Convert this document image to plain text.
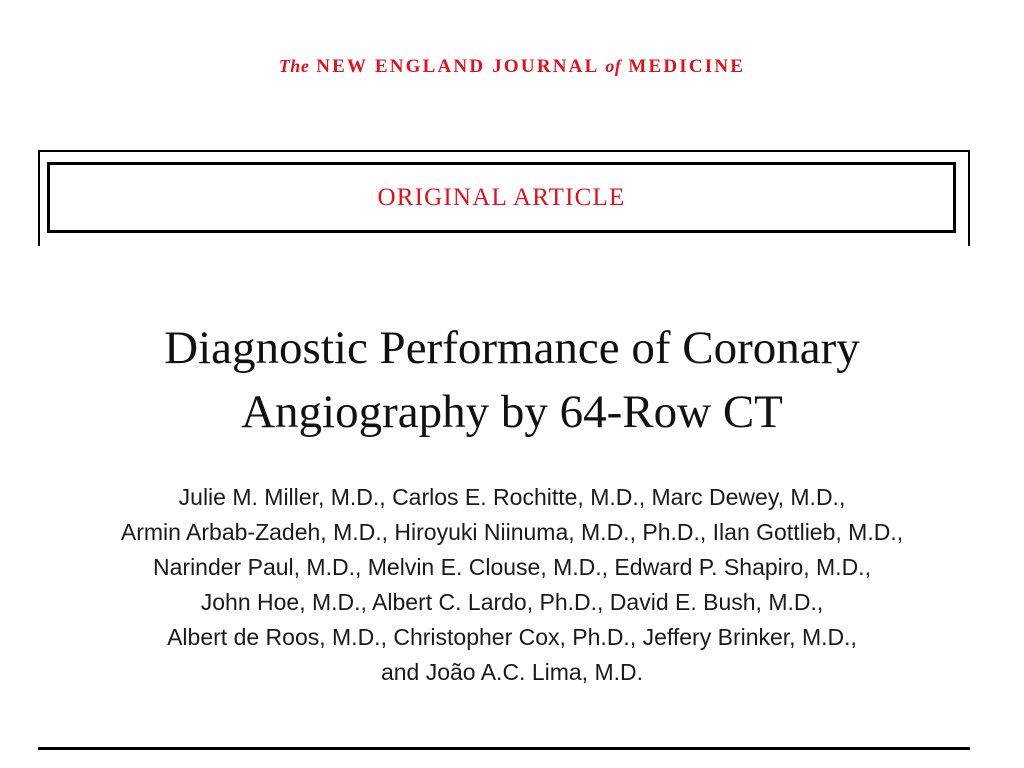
The NEW ENGLAND JOURNAL of MEDICINE
ORIGINAL ARTICLE
Diagnostic Performance of Coronary
Angiography by 64-Row CT
Julie M. Miller, M.D., Carlos E. Rochitte, M.D., Marc Dewey, M.D.,
Armin Arbab-Zadeh, M.D., Hiroyuki Niinuma, M.D., Ph.D., Ilan Gottlieb, M.D.,
Narinder Paul, M.D., Melvin E. Clouse, M.D., Edward P. Shapiro, M.D.,
John Hoe, M.D., Albert C. Lardo, Ph.D., David E. Bush, M.D.,
Albert de Roos, M.D., Christopher Cox, Ph.D., Jeffery Brinker, M.D.,
and João A.C. Lima, M.D.
